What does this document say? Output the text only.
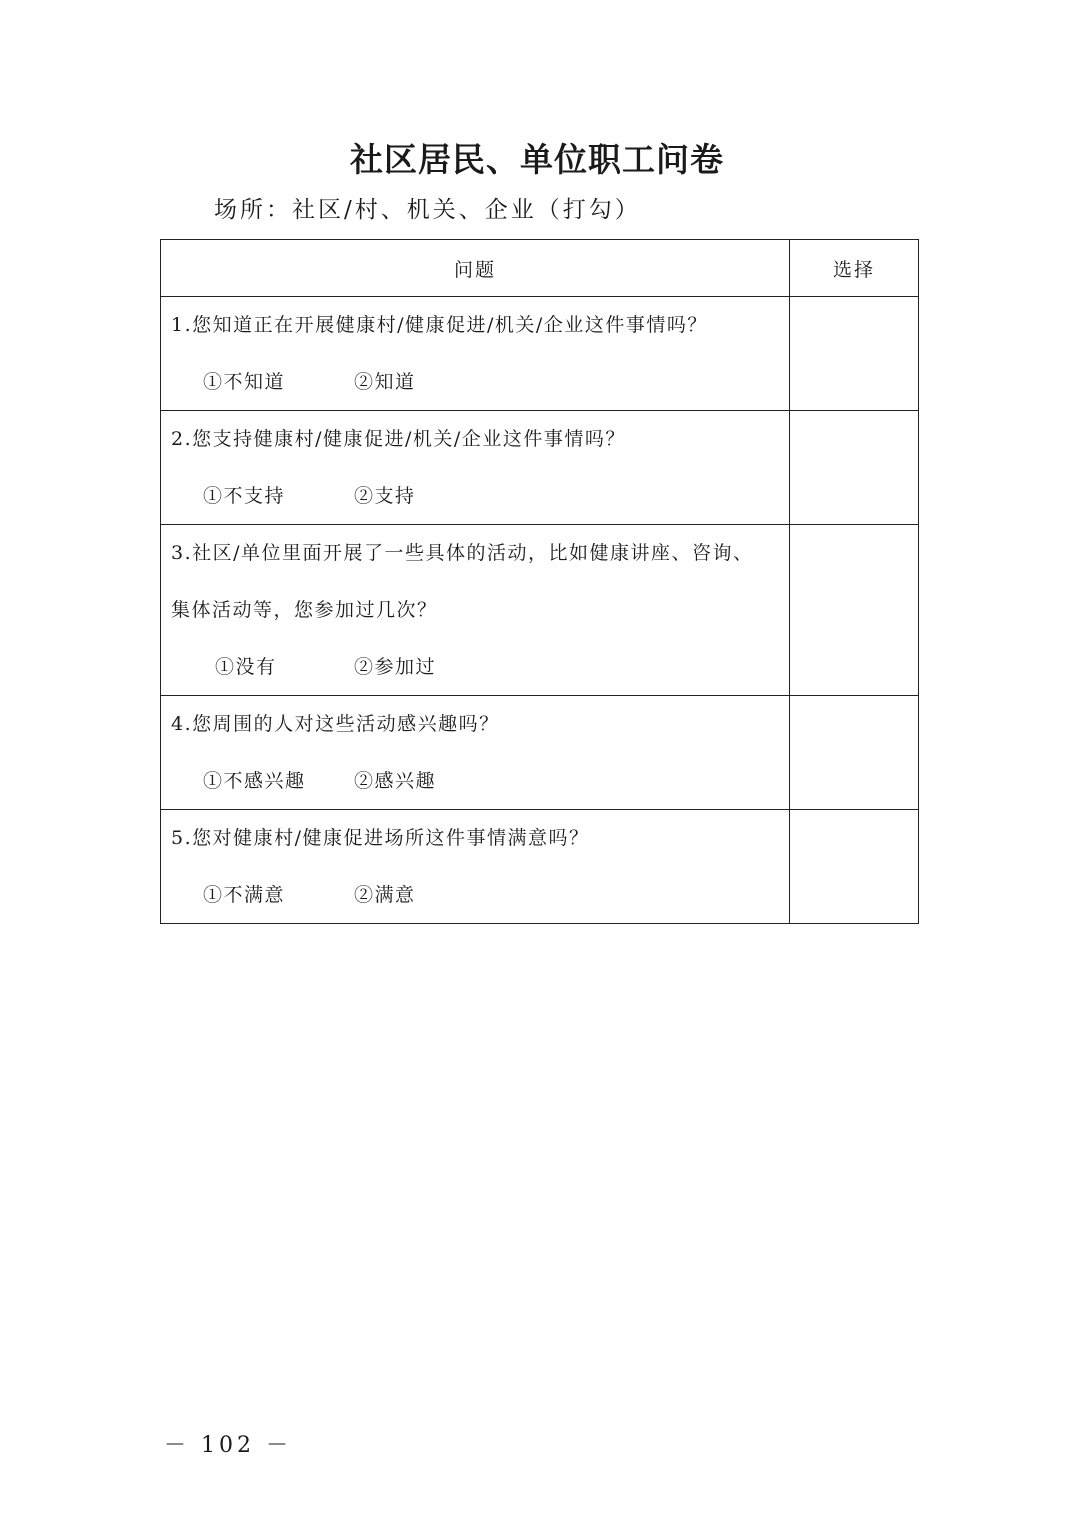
社区居民、单位职工问卷
场所：社区/村、机关、企业（打勾）
问题	选择

1.您知道正在开展健康村/健康促进/机关/企业这件事情吗？
①不知道 ②知道	

2.您支持健康村/健康促进/机关/企业这件事情吗？
①不支持 ②支持	

3.社区/单位里面开展了一些具体的活动，比如健康讲座、咨询、
集体活动等，您参加过几次？
①没有 ②参加过	

4.您周围的人对这些活动感兴趣吗？
①不感兴趣 ②感兴趣	

5.您对健康村/健康促进场所这件事情满意吗？
①不满意 ②满意	

－ 102 －
